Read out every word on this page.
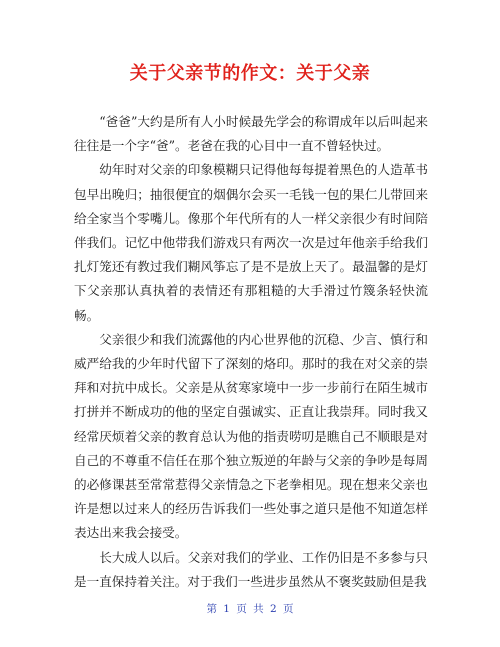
关于父亲节的作文：关于父亲

“爸爸”大约是所有人小时候最先学会的称谓成年以后叫起来往往是一个字“爸”。老爸在我的心目中一直不曾轻快过。

幼年时对父亲的印象模糊只记得他每每提着黑色的人造革书包早出晚归；抽很便宜的烟偶尔会买一毛钱一包的果仁儿带回来给全家当个零嘴儿。像那个年代所有的人一样父亲很少有时间陪伴我们。记忆中他带我们游戏只有两次一次是过年他亲手给我们扎灯笼还有教过我们糊风筝忘了是不是放上天了。最温馨的是灯下父亲那认真执着的表情还有那粗糙的大手滑过竹篾条轻快流畅。

父亲很少和我们流露他的内心世界他的沉稳、少言、慎行和威严给我的少年时代留下了深刻的烙印。那时的我在对父亲的崇拜和对抗中成长。父亲是从贫寒家境中一步一步前行在陌生城市打拼并不断成功的他的坚定自强诚实、正直让我崇拜。同时我又经常厌烦着父亲的教育总认为他的指责唠叨是瞧自己不顺眼是对自己的不尊重不信任在那个独立叛逆的年龄与父亲的争吵是每周的必修课甚至常常惹得父亲情急之下老拳相见。现在想来父亲也许是想以过来人的经历告诉我们一些处事之道只是他不知道怎样表达出来我会接受。

长大成人以后。父亲对我们的学业、工作仍旧是不多参与只是一直保持着关注。对于我们一些进步虽然从不褒奖鼓励但是我

第 1 页 共 2 页
